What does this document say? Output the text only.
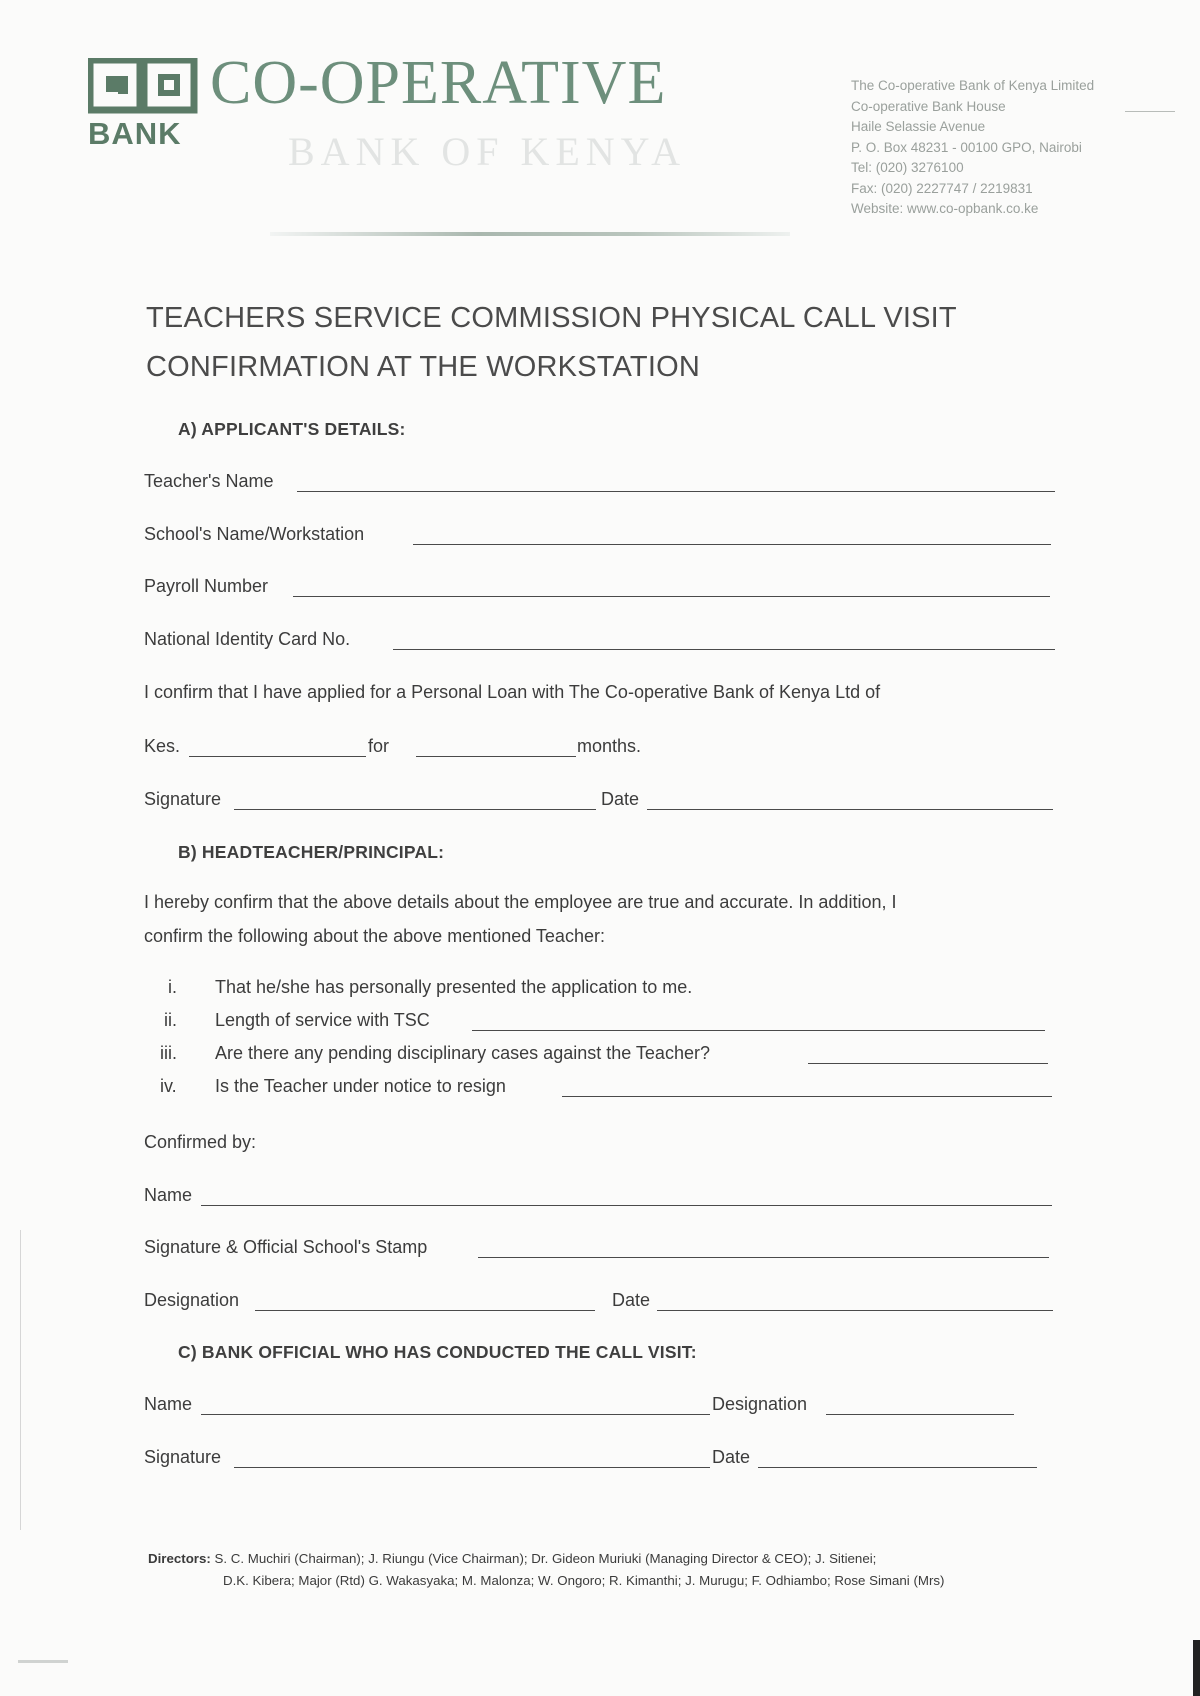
BANK
CO-OPERATIVE
BANK OF KENYA
The Co-operative Bank of Kenya Limited
Co-operative Bank House
Haile Selassie Avenue
P. O. Box 48231 - 00100 GPO, Nairobi
Tel: (020) 3276100
Fax: (020) 2227747 / 2219831
Website: www.co-opbank.co.ke
TEACHERS SERVICE COMMISSION PHYSICAL CALL VISIT
CONFIRMATION AT THE WORKSTATION
A) APPLICANT'S DETAILS:
Teacher's Name
School's Name/Workstation
Payroll Number
National Identity Card No.
I confirm that I have applied for a Personal Loan with The Co-operative Bank of Kenya Ltd of
Kes.	for	months.
Signature	Date
B) HEADTEACHER/PRINCIPAL:
I hereby confirm that the above details about the employee are true and accurate. In addition, I
confirm the following about the above mentioned Teacher:
i.	That he/she has personally presented the application to me.
ii.	Length of service with TSC
iii.	Are there any pending disciplinary cases against the Teacher?
iv.	Is the Teacher under notice to resign
Confirmed by:
Name
Signature & Official School's Stamp
Designation	Date
C) BANK OFFICIAL WHO HAS CONDUCTED THE CALL VISIT:
Name	Designation
Signature	Date
Directors: S. C. Muchiri (Chairman); J. Riungu (Vice Chairman); Dr. Gideon Muriuki (Managing Director & CEO); J. Sitienei;
D.K. Kibera; Major (Rtd) G. Wakasyaka; M. Malonza; W. Ongoro; R. Kimanthi; J. Murugu; F. Odhiambo; Rose Simani (Mrs)
